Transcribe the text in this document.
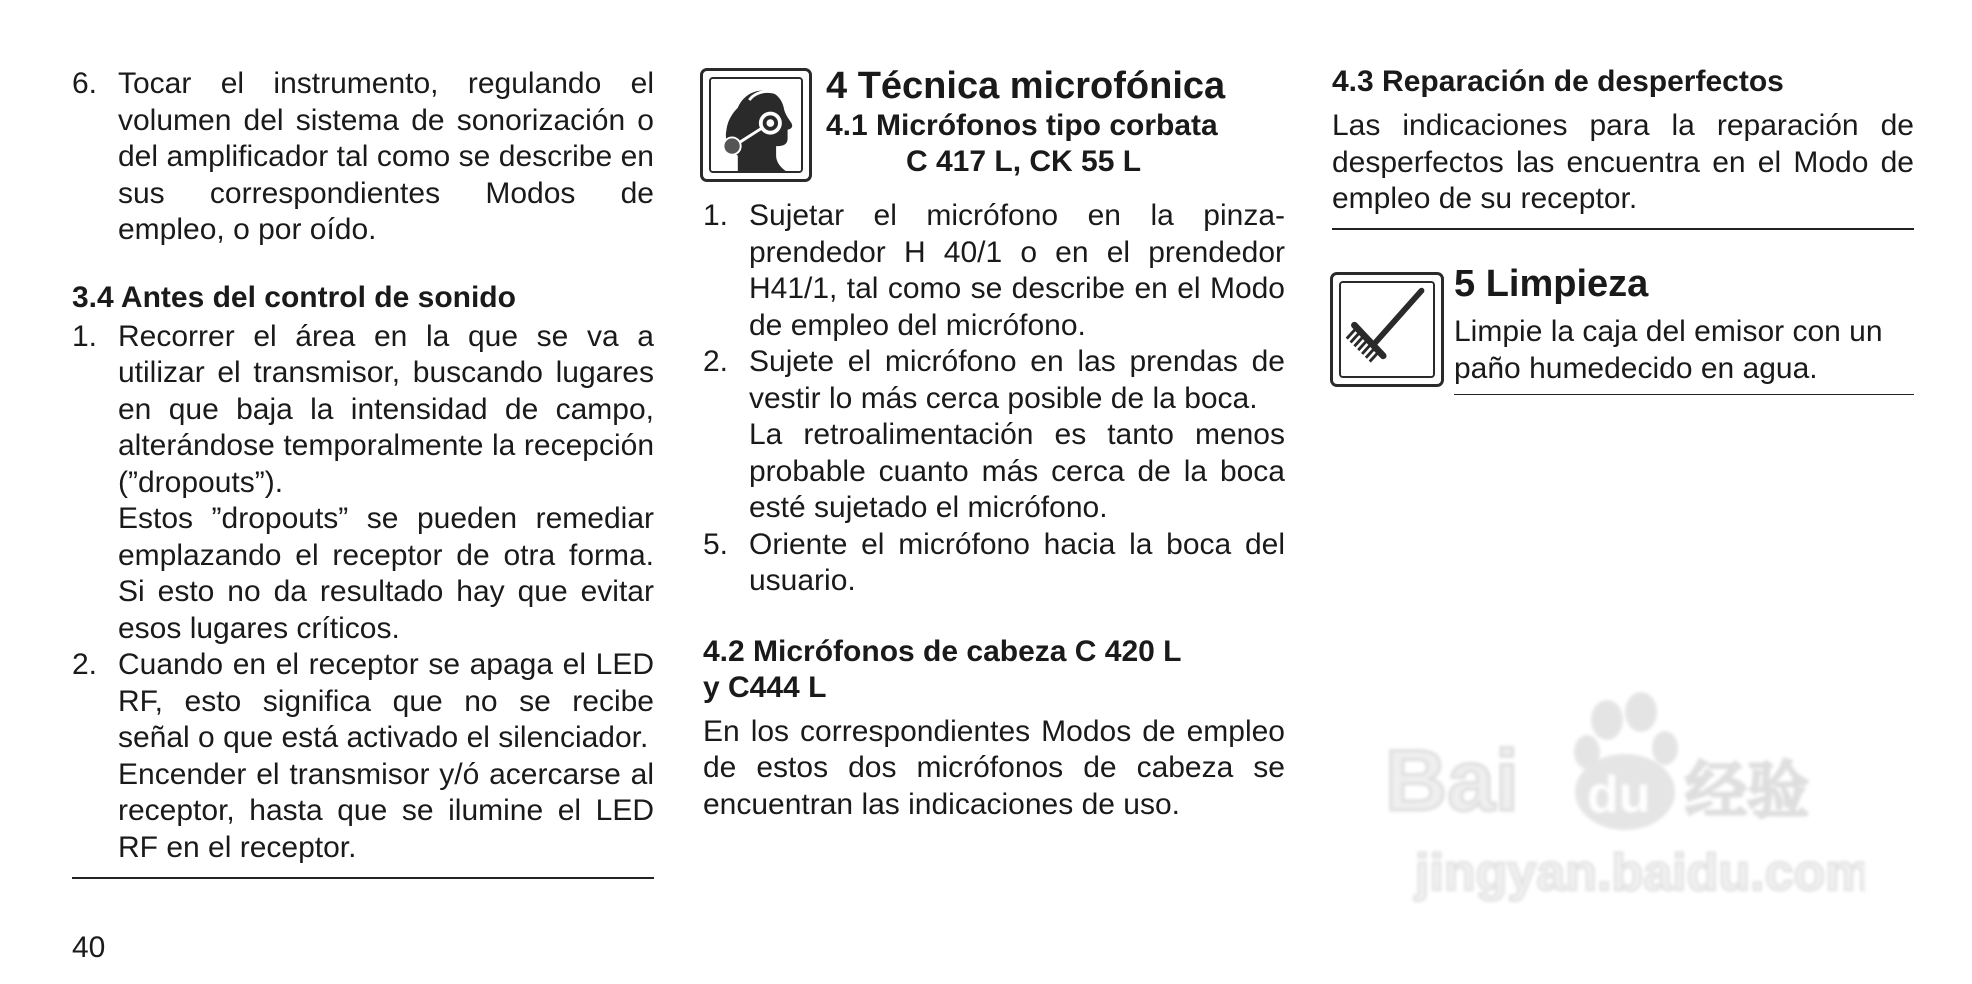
6. Tocar el instrumento, regulando el volumen del sistema de sonorización o del amplificador tal como se describe en sus correspondientes Modos de empleo, o por oído.

3.4 Antes del control de sonido
1. Recorrer el área en la que se va a utilizar el transmisor, buscando lugares en que baja la intensidad de campo, alterándose temporalmente la recepción (”dropouts”).

Estos ”dropouts” se pueden remediar emplazando el receptor de otra forma. Si esto no da resultado hay que evitar esos lugares críticos.

2. Cuando en el receptor se apaga el LED RF, esto significa que no se recibe señal o que está activado el silenciador.

Encender el transmisor y/ó acercarse al receptor, hasta que se ilumine el LED RF en el receptor.

4 Técnica microfónica
4.1 Micrófonos tipo corbata
C 417 L, CK 55 L
1. Sujetar el micrófono en la pinza-prendedor H 40/1 o en el prendedor H41/1, tal como se describe en el Modo de empleo del micrófono.

2. Sujete el micrófono en las prendas de vestir lo más cerca posible de la boca.

La retroalimentación es tanto menos probable cuanto más cerca de la boca esté sujetado el micrófono.

5. Oriente el micrófono hacia la boca del usuario.

4.2 Micrófonos de cabeza C 420 L
y C444 L

En los correspondientes Modos de empleo de estos dos micrófonos de cabeza se encuentran las indicaciones de uso.

4.3 Reparación de desperfectos

Las indicaciones para la reparación de desperfectos las encuentra en el Modo de empleo de su receptor.

5 Limpieza

Limpie la caja del emisor con un paño humedecido en agua.

40
Bai du 经验
jingyan.baidu.com
